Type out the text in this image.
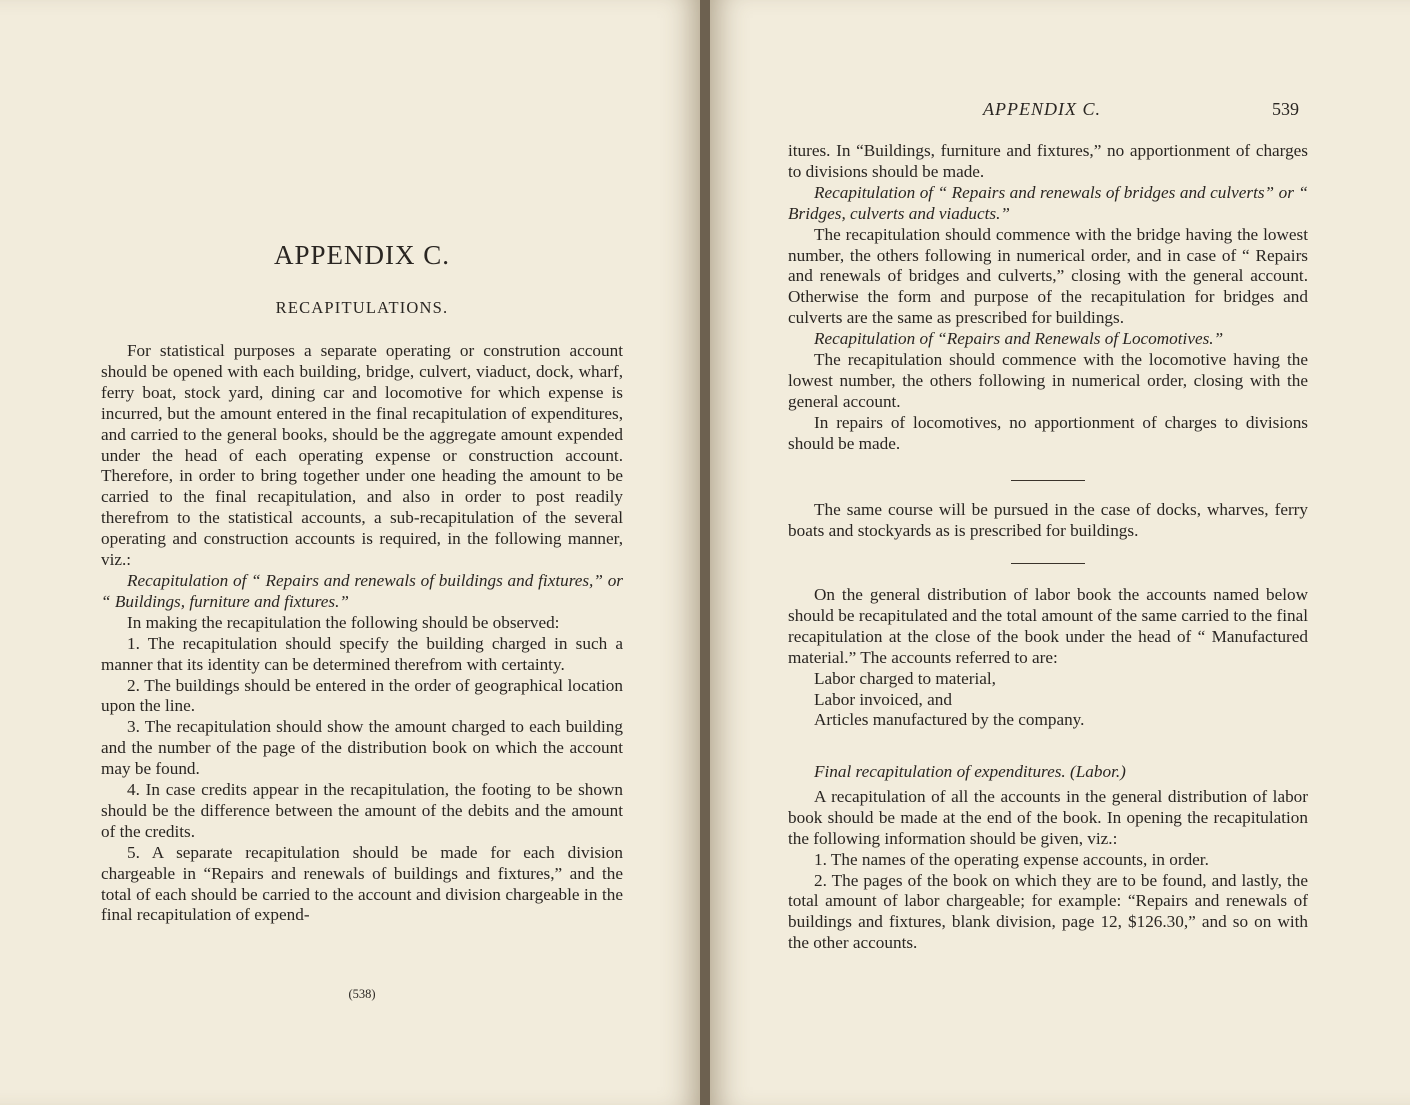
APPENDIX C.
RECAPITULATIONS.

For statistical purposes a separate operating or constrution account should be opened with each building, bridge, culvert, viaduct, dock, wharf, ferry boat, stock yard, dining car and locomotive for which expense is incurred, but the amount entered in the final recapitulation of expenditures, and carried to the general books, should be the aggregate amount expended under the head of each operating expense or construction account. Therefore, in order to bring together under one heading the amount to be carried to the final recapitulation, and also in order to post readily therefrom to the statistical accounts, a sub-recapitulation of the several operating and construction accounts is required, in the following manner, viz.:

Recapitulation of “ Repairs and renewals of buildings and fixtures,” or “ Buildings, furniture and fixtures.”

In making the recapitulation the following should be observed:

1. The recapitulation should specify the building charged in such a manner that its identity can be determined therefrom with certainty.

2. The buildings should be entered in the order of geographical location upon the line.

3. The recapitulation should show the amount charged to each building and the number of the page of the distribution book on which the account may be found.

4. In case credits appear in the recapitulation, the footing to be shown should be the difference between the amount of the debits and the amount of the credits.

5. A separate recapitulation should be made for each division chargeable in “Repairs and renewals of buildings and fixtures,” and the total of each should be carried to the account and division chargeable in the final recapitulation of expend-

(538)
APPENDIX C.	539

itures. In “Buildings, furniture and fixtures,” no apportionment of charges to divisions should be made.

Recapitulation of “ Repairs and renewals of bridges and culverts” or “ Bridges, culverts and viaducts.”

The recapitulation should commence with the bridge having the lowest number, the others following in numerical order, and in case of “ Repairs and renewals of bridges and culverts,” closing with the general account. Otherwise the form and purpose of the recapitulation for bridges and culverts are the same as prescribed for buildings.

Recapitulation of “Repairs and Renewals of Locomotives.”

The recapitulation should commence with the locomotive having the lowest number, the others following in numerical order, closing with the general account.

In repairs of locomotives, no apportionment of charges to divisions should be made.

The same course will be pursued in the case of docks, wharves, ferry boats and stockyards as is prescribed for buildings.

On the general distribution of labor book the accounts named below should be recapitulated and the total amount of the same carried to the final recapitulation at the close of the book under the head of “ Manufactured material.” The accounts referred to are:

Labor charged to material,

Labor invoiced, and

Articles manufactured by the company.

Final recapitulation of expenditures. (Labor.)

A recapitulation of all the accounts in the general distribution of labor book should be made at the end of the book. In opening the recapitulation the following information should be given, viz.:

1. The names of the operating expense accounts, in order.

2. The pages of the book on which they are to be found, and lastly, the total amount of labor chargeable; for example: “Repairs and renewals of buildings and fixtures, blank division, page 12, $126.30,” and so on with the other accounts.
